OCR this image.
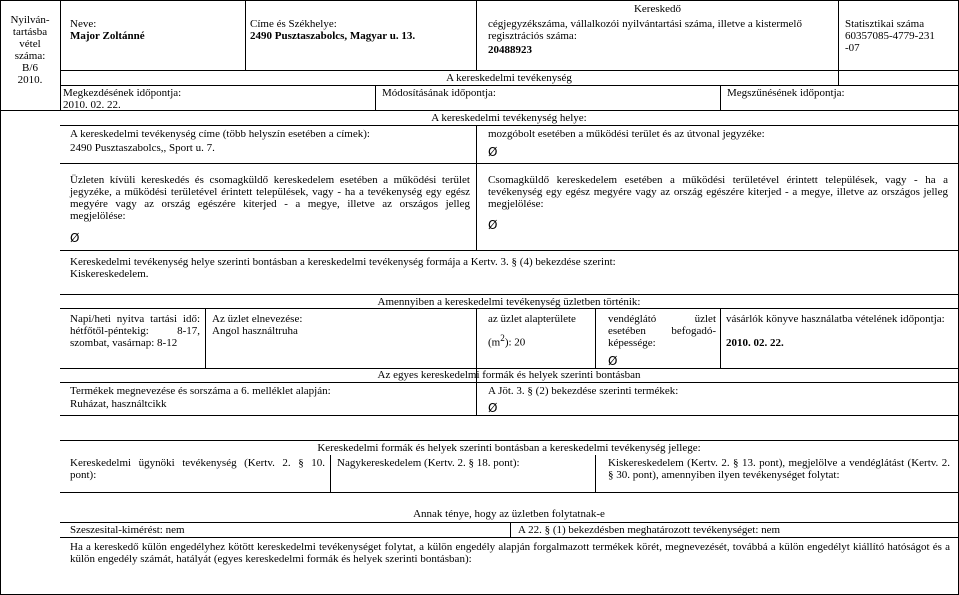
Nyilván-
tartásba
vétel
száma:
B/6
2010.
Neve:
Major Zoltánné
Címe és Székhelye:
2490 Pusztaszabolcs, Magyar u. 13.
Kereskedő
cégjegyzékszáma, vállalkozói nyilvántartási száma, illetve a kistermelő regisztrációs száma:
20488923
Statisztikai száma
60357085-4779-231-07
A kereskedelmi tevékenység
Megkezdésének időpontja:
2010. 02. 22.
Módosításának időpontja:	Megszűnésének időpontja:
A kereskedelmi tevékenység helye:
A kereskedelmi tevékenység címe (több helyszín esetében a címek):
2490 Pusztaszabolcs,, Sport u. 7.
mozgóbolt esetében a működési terület és az útvonal jegyzéke:
Ø
Üzleten kívüli kereskedés és csomagküldő kereskedelem esetében a működési terület jegyzéke, a működési területével érintett települések, vagy - ha a tevékenység egy egész megyére vagy az ország egészére kiterjed - a megye, illetve az országos jelleg megjelölése:
Ø
Csomagküldő kereskedelem esetében a működési területével érintett települések, vagy - ha a tevékenység egy egész megyére vagy az ország egészére kiterjed - a megye, illetve az országos jelleg megjelölése:
Ø
Kereskedelmi tevékenység helye szerinti bontásban a kereskedelmi tevékenység formája a Kertv. 3. § (4) bekezdése szerint:
Kiskereskedelem.
Amennyiben a kereskedelmi tevékenység üzletben történik:
Napi/heti nyitva tartási idő: hétfőtől-péntekig: 8-17, szombat, vasárnap: 8-12
Az üzlet elnevezése:
Angol használtruha
az üzlet alapterülete
$(m^2)$: 20
vendéglátó üzlet esetében befogadó-képessége:
Ø
vásárlók könyve használatba vételének időpontja:
2010. 02. 22.
Az egyes kereskedelmi formák és helyek szerinti bontásban
Termékek megnevezése és sorszáma a 6. melléklet alapján:
Ruházat, használtcikk
A Jöt. 3. § (2) bekezdése szerinti termékek:
Ø
Kereskedelmi formák és helyek szerinti bontásban a kereskedelmi tevékenység jellege:
Kereskedelmi ügynöki tevékenység (Kertv. 2. § 10. pont):
Nagykereskedelem (Kertv. 2. § 18. pont):	Kiskereskedelem (Kertv. 2. § 13. pont), megjelölve a vendéglátást (Kertv. 2. § 30. pont), amennyiben ilyen tevékenységet folytat:
Annak ténye, hogy az üzletben folytatnak-e
Szeszesital-kimérést: nem	A 22. § (1) bekezdésben meghatározott tevékenységet: nem
Ha a kereskedő külön engedélyhez kötött kereskedelmi tevékenységet folytat, a külön engedély alapján forgalmazott termékek körét, megnevezését, továbbá a külön engedélyt kiállító hatóságot és a külön engedély számát, hatályát (egyes kereskedelmi formák és helyek szerinti bontásban):
